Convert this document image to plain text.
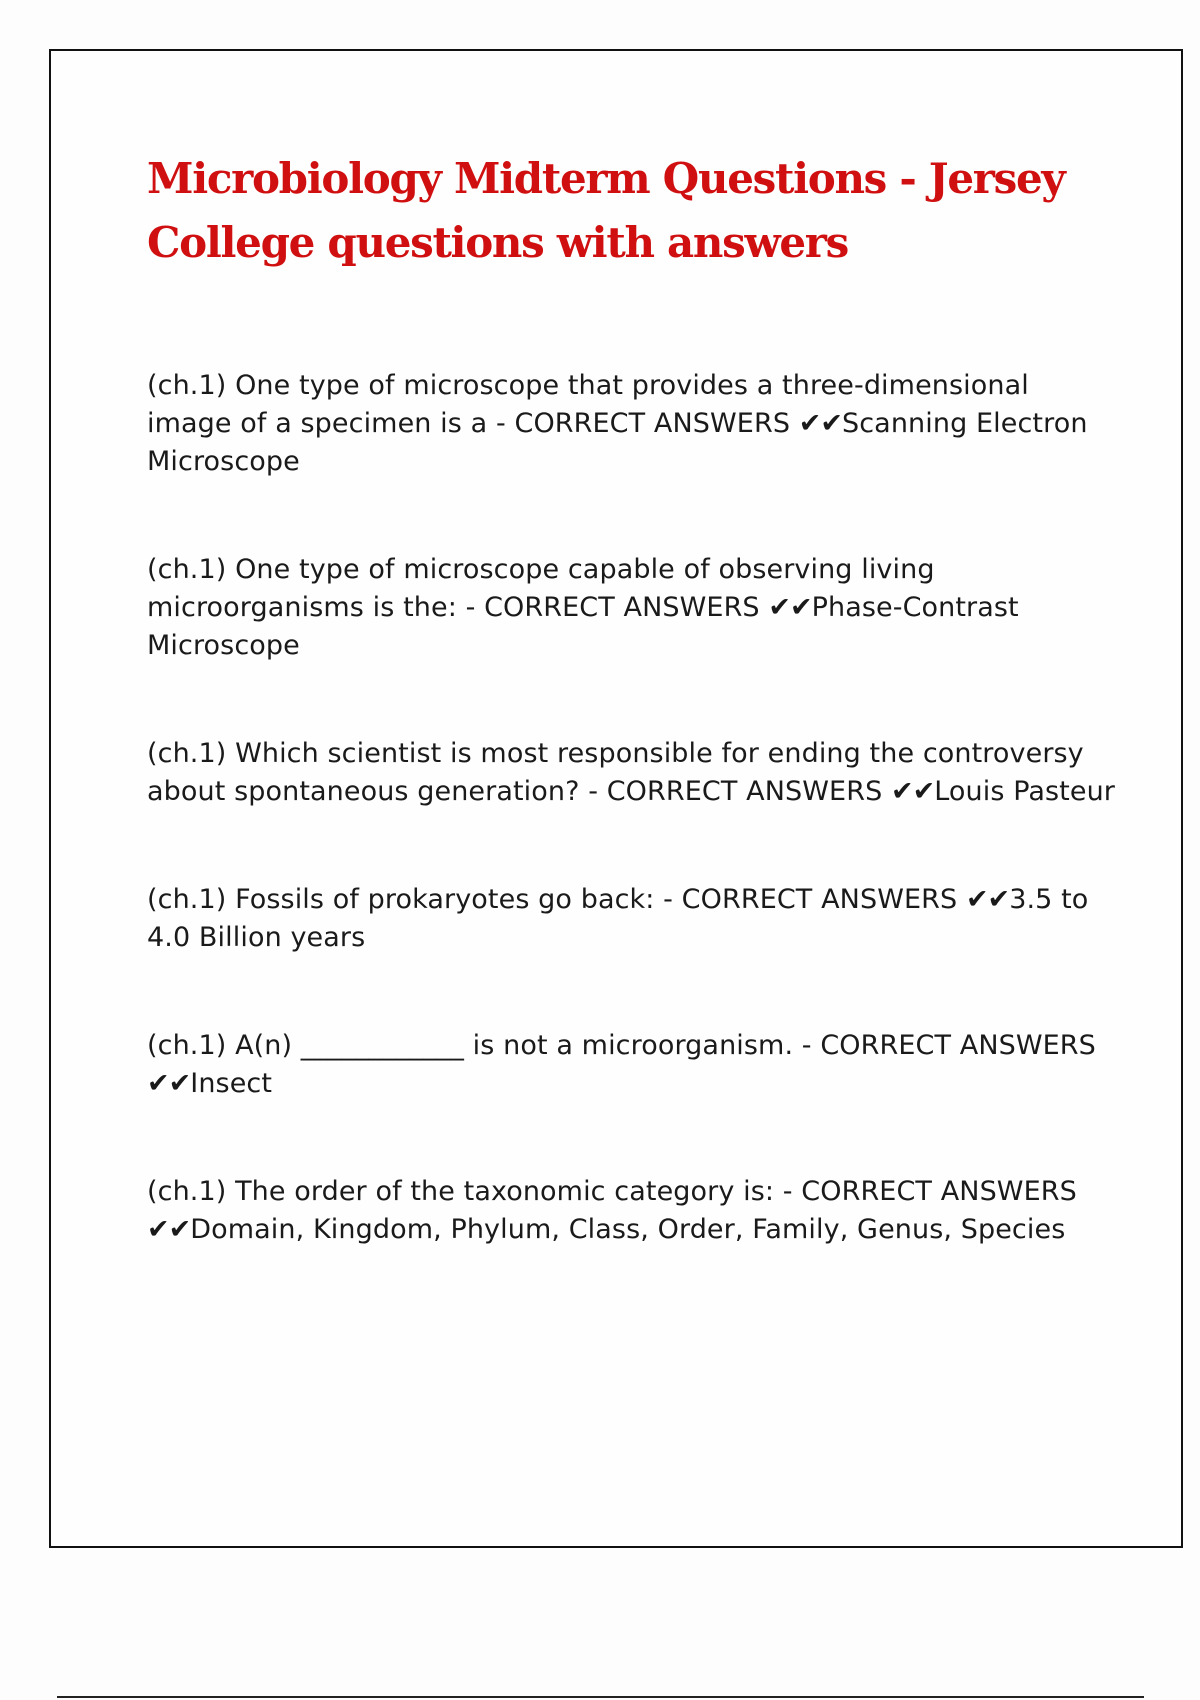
Microbiology Midterm Questions - Jersey College questions with answers

(ch.1) One type of microscope that provides a three-dimensional image of a specimen is a - CORRECT ANSWERS ✔✔Scanning Electron Microscope

(ch.1) One type of microscope capable of observing living microorganisms is the: - CORRECT ANSWERS ✔✔Phase-Contrast Microscope

(ch.1) Which scientist is most responsible for ending the controversy about spontaneous generation? - CORRECT ANSWERS ✔✔Louis Pasteur

(ch.1) Fossils of prokaryotes go back: - CORRECT ANSWERS ✔✔3.5 to 4.0 Billion years

(ch.1) A(n) ____________ is not a microorganism. - CORRECT ANSWERS ✔✔Insect

(ch.1) The order of the taxonomic category is: - CORRECT ANSWERS ✔✔Domain, Kingdom, Phylum, Class, Order, Family, Genus, Species
